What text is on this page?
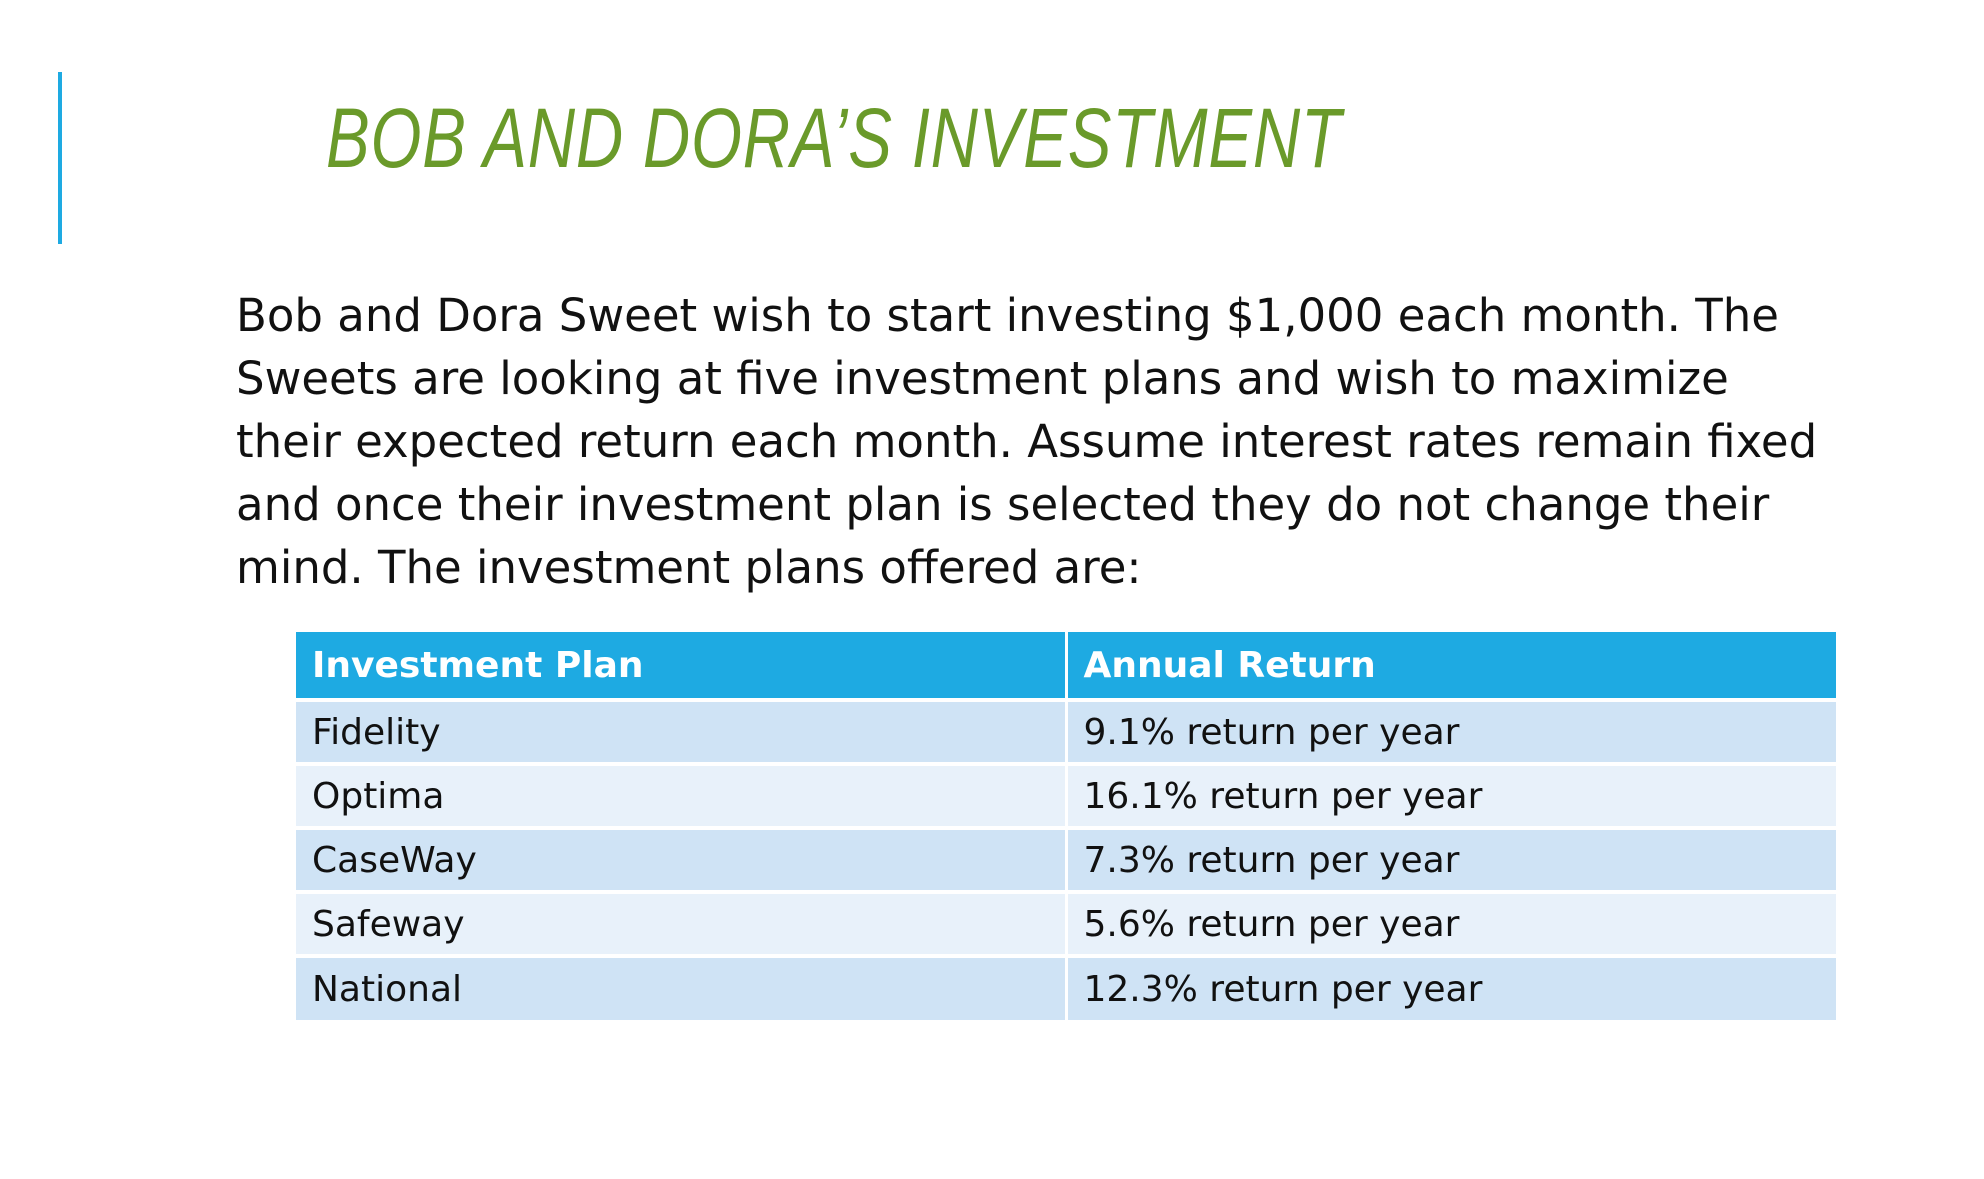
BOB AND DORA’S INVESTMENT

Bob and Dora Sweet wish to start investing $1,000 each month. The Sweets are looking at five investment plans and wish to maximize their expected return each month. Assume interest rates remain fixed and once their investment plan is selected they do not change their mind. The investment plans offered are:

Investment Plan	Annual Return
Fidelity	9.1% return per year
Optima	16.1% return per year
CaseWay	7.3% return per year
Safeway	5.6% return per year
National	12.3% return per year
